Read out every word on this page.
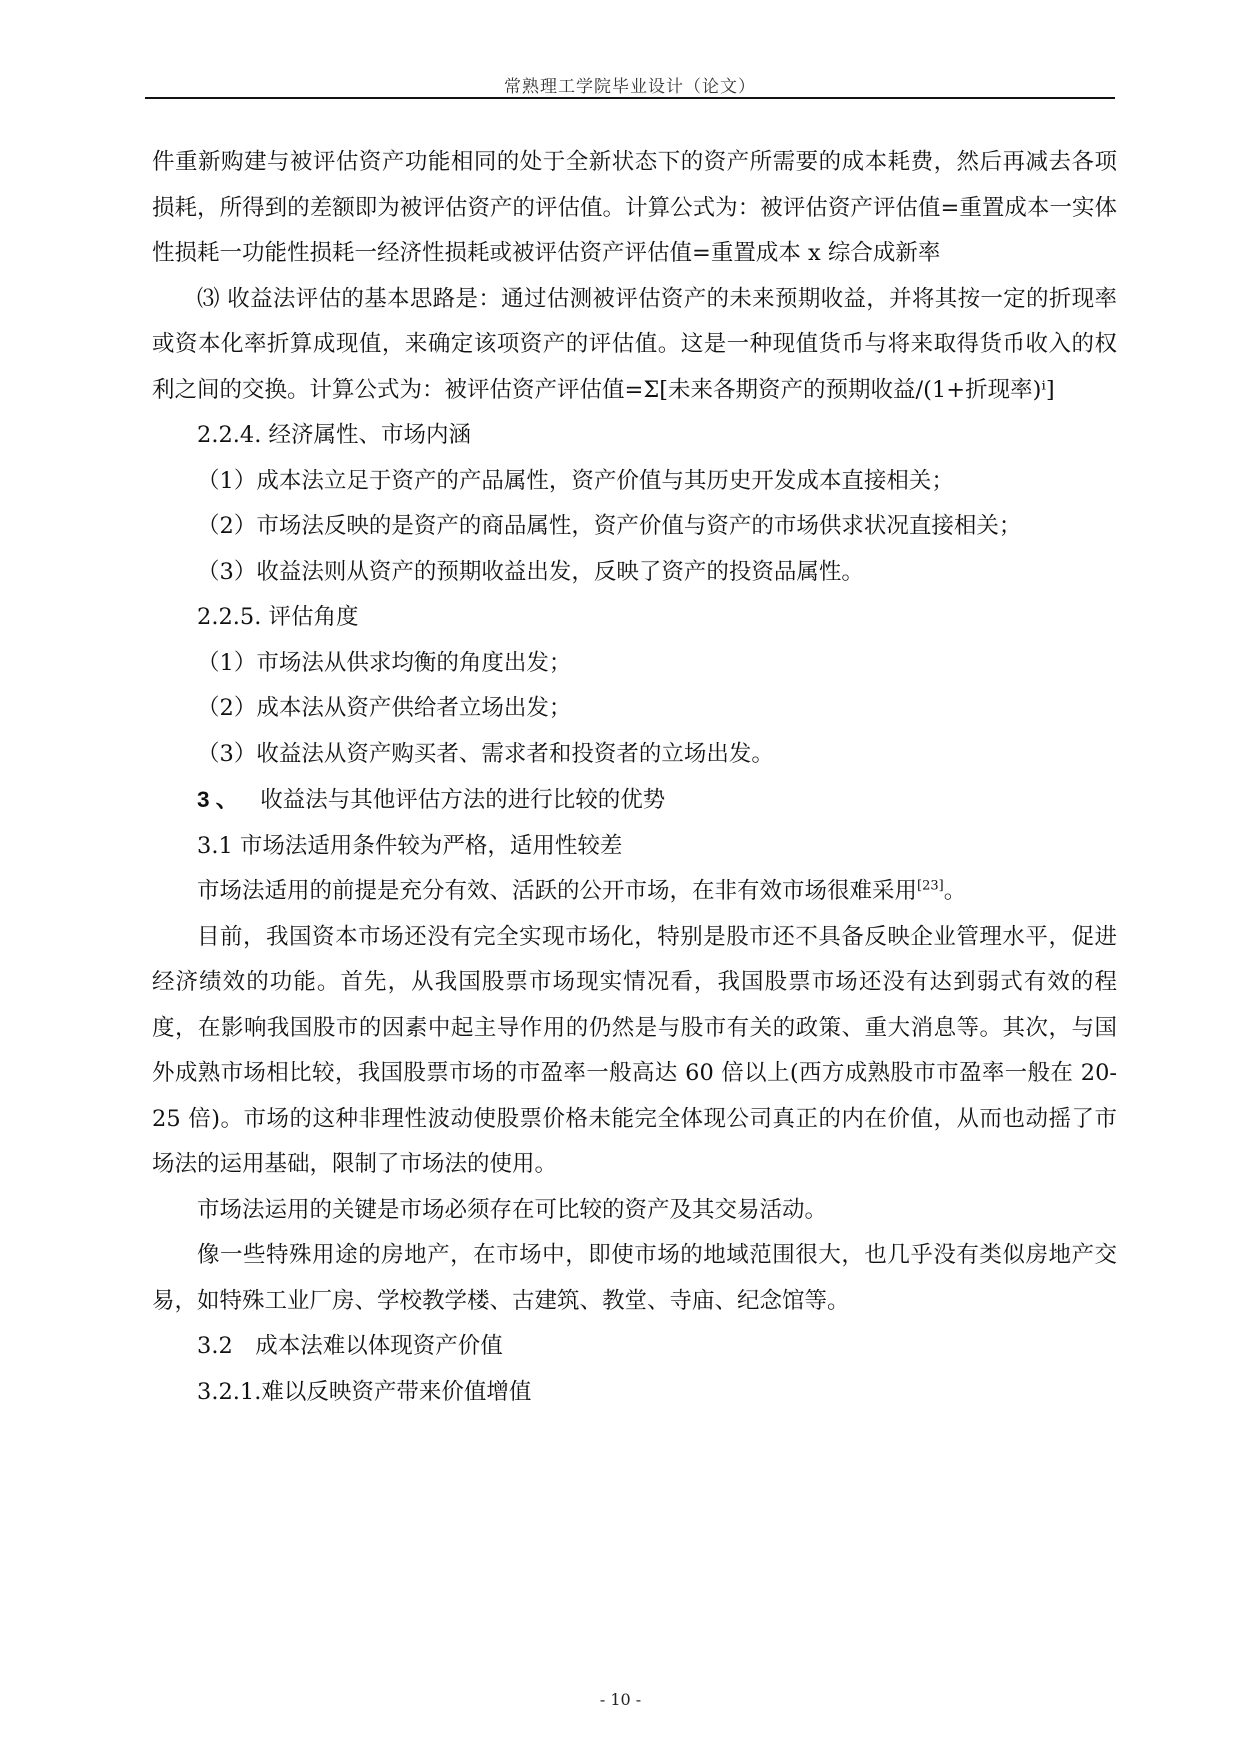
常熟理工学院毕业设计（论文）

件重新购建与被评估资产功能相同的处于全新状态下的资产所需要的成本耗费，然后再减去各项损耗，所得到的差额即为被评估资产的评估值。计算公式为：被评估资产评估值=重置成本一实体性损耗一功能性损耗一经济性损耗或被评估资产评估值=重置成本 x 综合成新率

⑶ 收益法评估的基本思路是：通过估测被评估资产的未来预期收益，并将其按一定的折现率或资本化率折算成现值，来确定该项资产的评估值。这是一种现值货币与将来取得货币收入的权利之间的交换。计算公式为：被评估资产评估值=Σ[未来各期资产的预期收益/(1+折现率)ⁱ]

2.2.4. 经济属性、市场内涵

（1）成本法立足于资产的产品属性，资产价值与其历史开发成本直接相关；

（2）市场法反映的是资产的商品属性，资产价值与资产的市场供求状况直接相关；

（3）收益法则从资产的预期收益出发，反映了资产的投资品属性。

2.2.5. 评估角度

（1）市场法从供求均衡的角度出发；

（2）成本法从资产供给者立场出发；

（3）收益法从资产购买者、需求者和投资者的立场出发。

3 、 收益法与其他评估方法的进行比较的优势

3.1 市场法适用条件较为严格，适用性较差

市场法适用的前提是充分有效、活跃的公开市场，在非有效市场很难采用[23]。

目前，我国资本市场还没有完全实现市场化，特别是股市还不具备反映企业管理水平，促进经济绩效的功能。首先，从我国股票市场现实情况看，我国股票市场还没有达到弱式有效的程度，在影响我国股市的因素中起主导作用的仍然是与股市有关的政策、重大消息等。其次，与国外成熟市场相比较，我国股票市场的市盈率一般高达 60 倍以上(西方成熟股市市盈率一般在 20-25 倍)。市场的这种非理性波动使股票价格未能完全体现公司真正的内在价值，从而也动摇了市场法的运用基础，限制了市场法的使用。

市场法运用的关键是市场必须存在可比较的资产及其交易活动。

像一些特殊用途的房地产，在市场中，即使市场的地域范围很大，也几乎没有类似房地产交易，如特殊工业厂房、学校教学楼、古建筑、教堂、寺庙、纪念馆等。

3.2　成本法难以体现资产价值

3.2.1.难以反映资产带来价值增值

- 10 -
